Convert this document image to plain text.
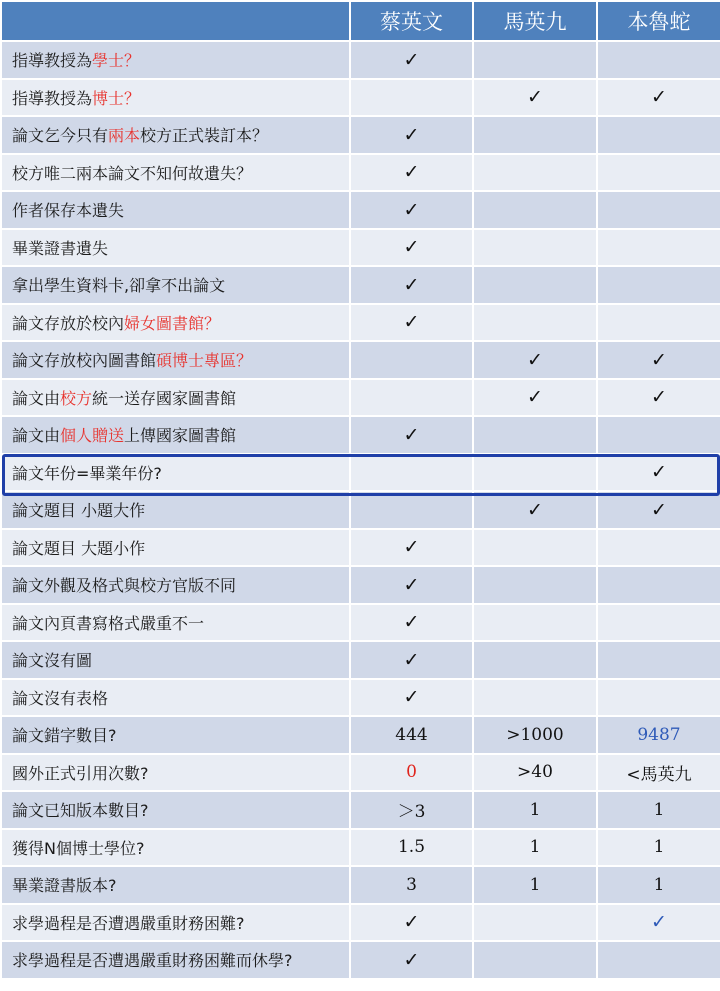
	蔡英文	馬英九	本魯蛇
指導教授為學士？	✓		
指導教授為博士？		✓	✓
論文乞今只有兩本校方正式裝訂本？	✓		
校方唯二兩本論文不知何故遺失？	✓		
作者保存本遺失	✓		
畢業證書遺失	✓		
拿出學生資料卡,卻拿不出論文	✓		
論文存放於校內婦女圖書館？	✓		
論文存放校內圖書館碩博士專區？		✓	✓
論文由校方統一送存國家圖書館		✓	✓
論文由個人贈送上傳國家圖書館	✓		
論文年份=畢業年份?			✓
論文題目 小題大作		✓	✓
論文題目 大題小作	✓		
論文外觀及格式與校方官版不同	✓		
論文內頁書寫格式嚴重不一	✓		
論文沒有圖	✓		
論文沒有表格	✓		
論文錯字數目?	444	>1000	9487
國外正式引用次數?	0	>40	<馬英九
論文已知版本數目?	＞3	1	1
獲得N個博士學位?	1.5	1	1
畢業證書版本?	3	1	1
求學過程是否遭遇嚴重財務困難?	✓		✓
求學過程是否遭遇嚴重財務困難而休學?	✓		
